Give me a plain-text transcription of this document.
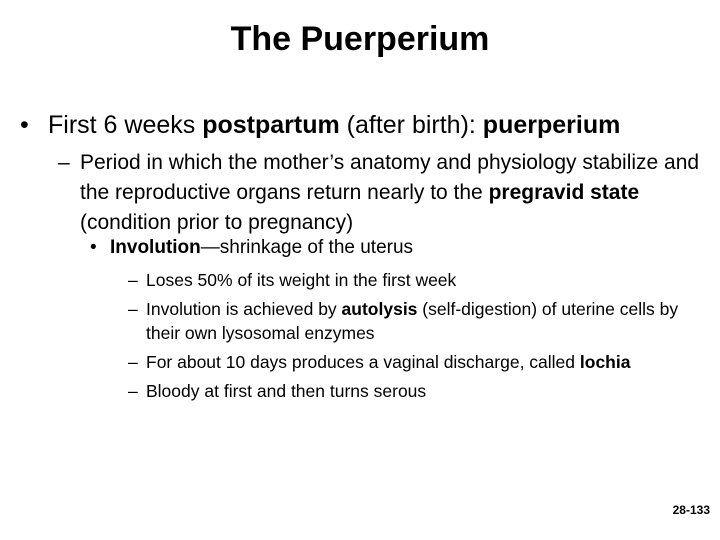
The Puerperium
• First 6 weeks postpartum (after birth): puerperium
– Period in which the mother’s anatomy and physiology stabilize and the reproductive organs return nearly to the pregravid state (condition prior to pregnancy)
• Involution—shrinkage of the uterus
– Loses 50% of its weight in the first week
– Involution is achieved by autolysis (self-digestion) of uterine cells by their own lysosomal enzymes
– For about 10 days produces a vaginal discharge, called lochia
– Bloody at first and then turns serous
28-133
